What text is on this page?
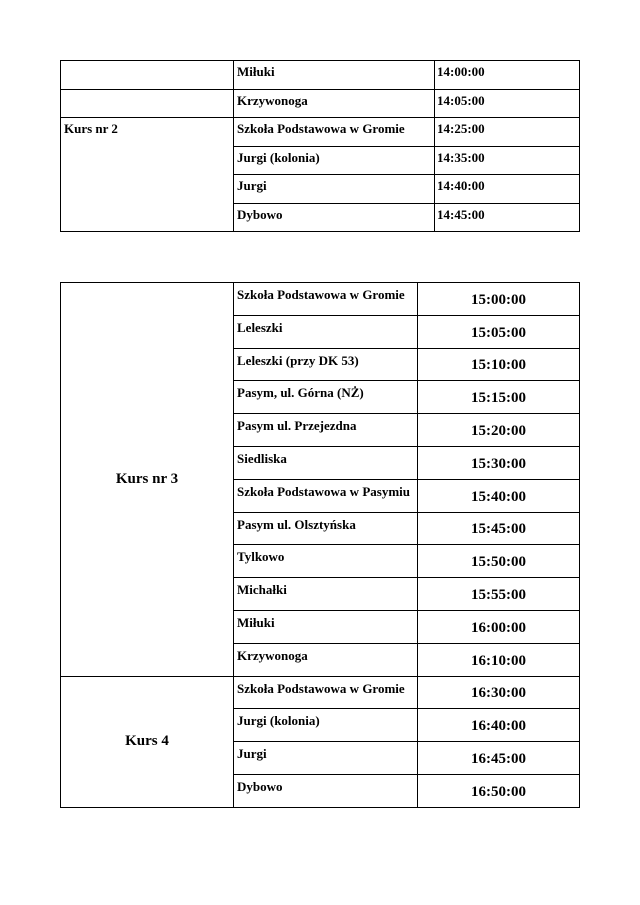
	Miłuki	14:00:00
	Krzywonoga	14:05:00
Kurs nr 2	Szkoła Podstawowa w Gromie	14:25:00
	Jurgi (kolonia)	14:35:00
	Jurgi	14:40:00
	Dybowo	14:45:00
Kurs nr 3	Szkoła Podstawowa w Gromie	15:00:00
	Leleszki	15:05:00
	Leleszki (przy DK 53)	15:10:00
	Pasym, ul. Górna (NŻ)	15:15:00
	Pasym ul. Przejezdna	15:20:00
	Siedliska	15:30:00
	Szkoła Podstawowa w Pasymiu	15:40:00
	Pasym ul. Olsztyńska	15:45:00
	Tylkowo	15:50:00
	Michałki	15:55:00
	Miłuki	16:00:00
	Krzywonoga	16:10:00
Kurs 4	Szkoła Podstawowa w Gromie	16:30:00
	Jurgi (kolonia)	16:40:00
	Jurgi	16:45:00
	Dybowo	16:50:00
